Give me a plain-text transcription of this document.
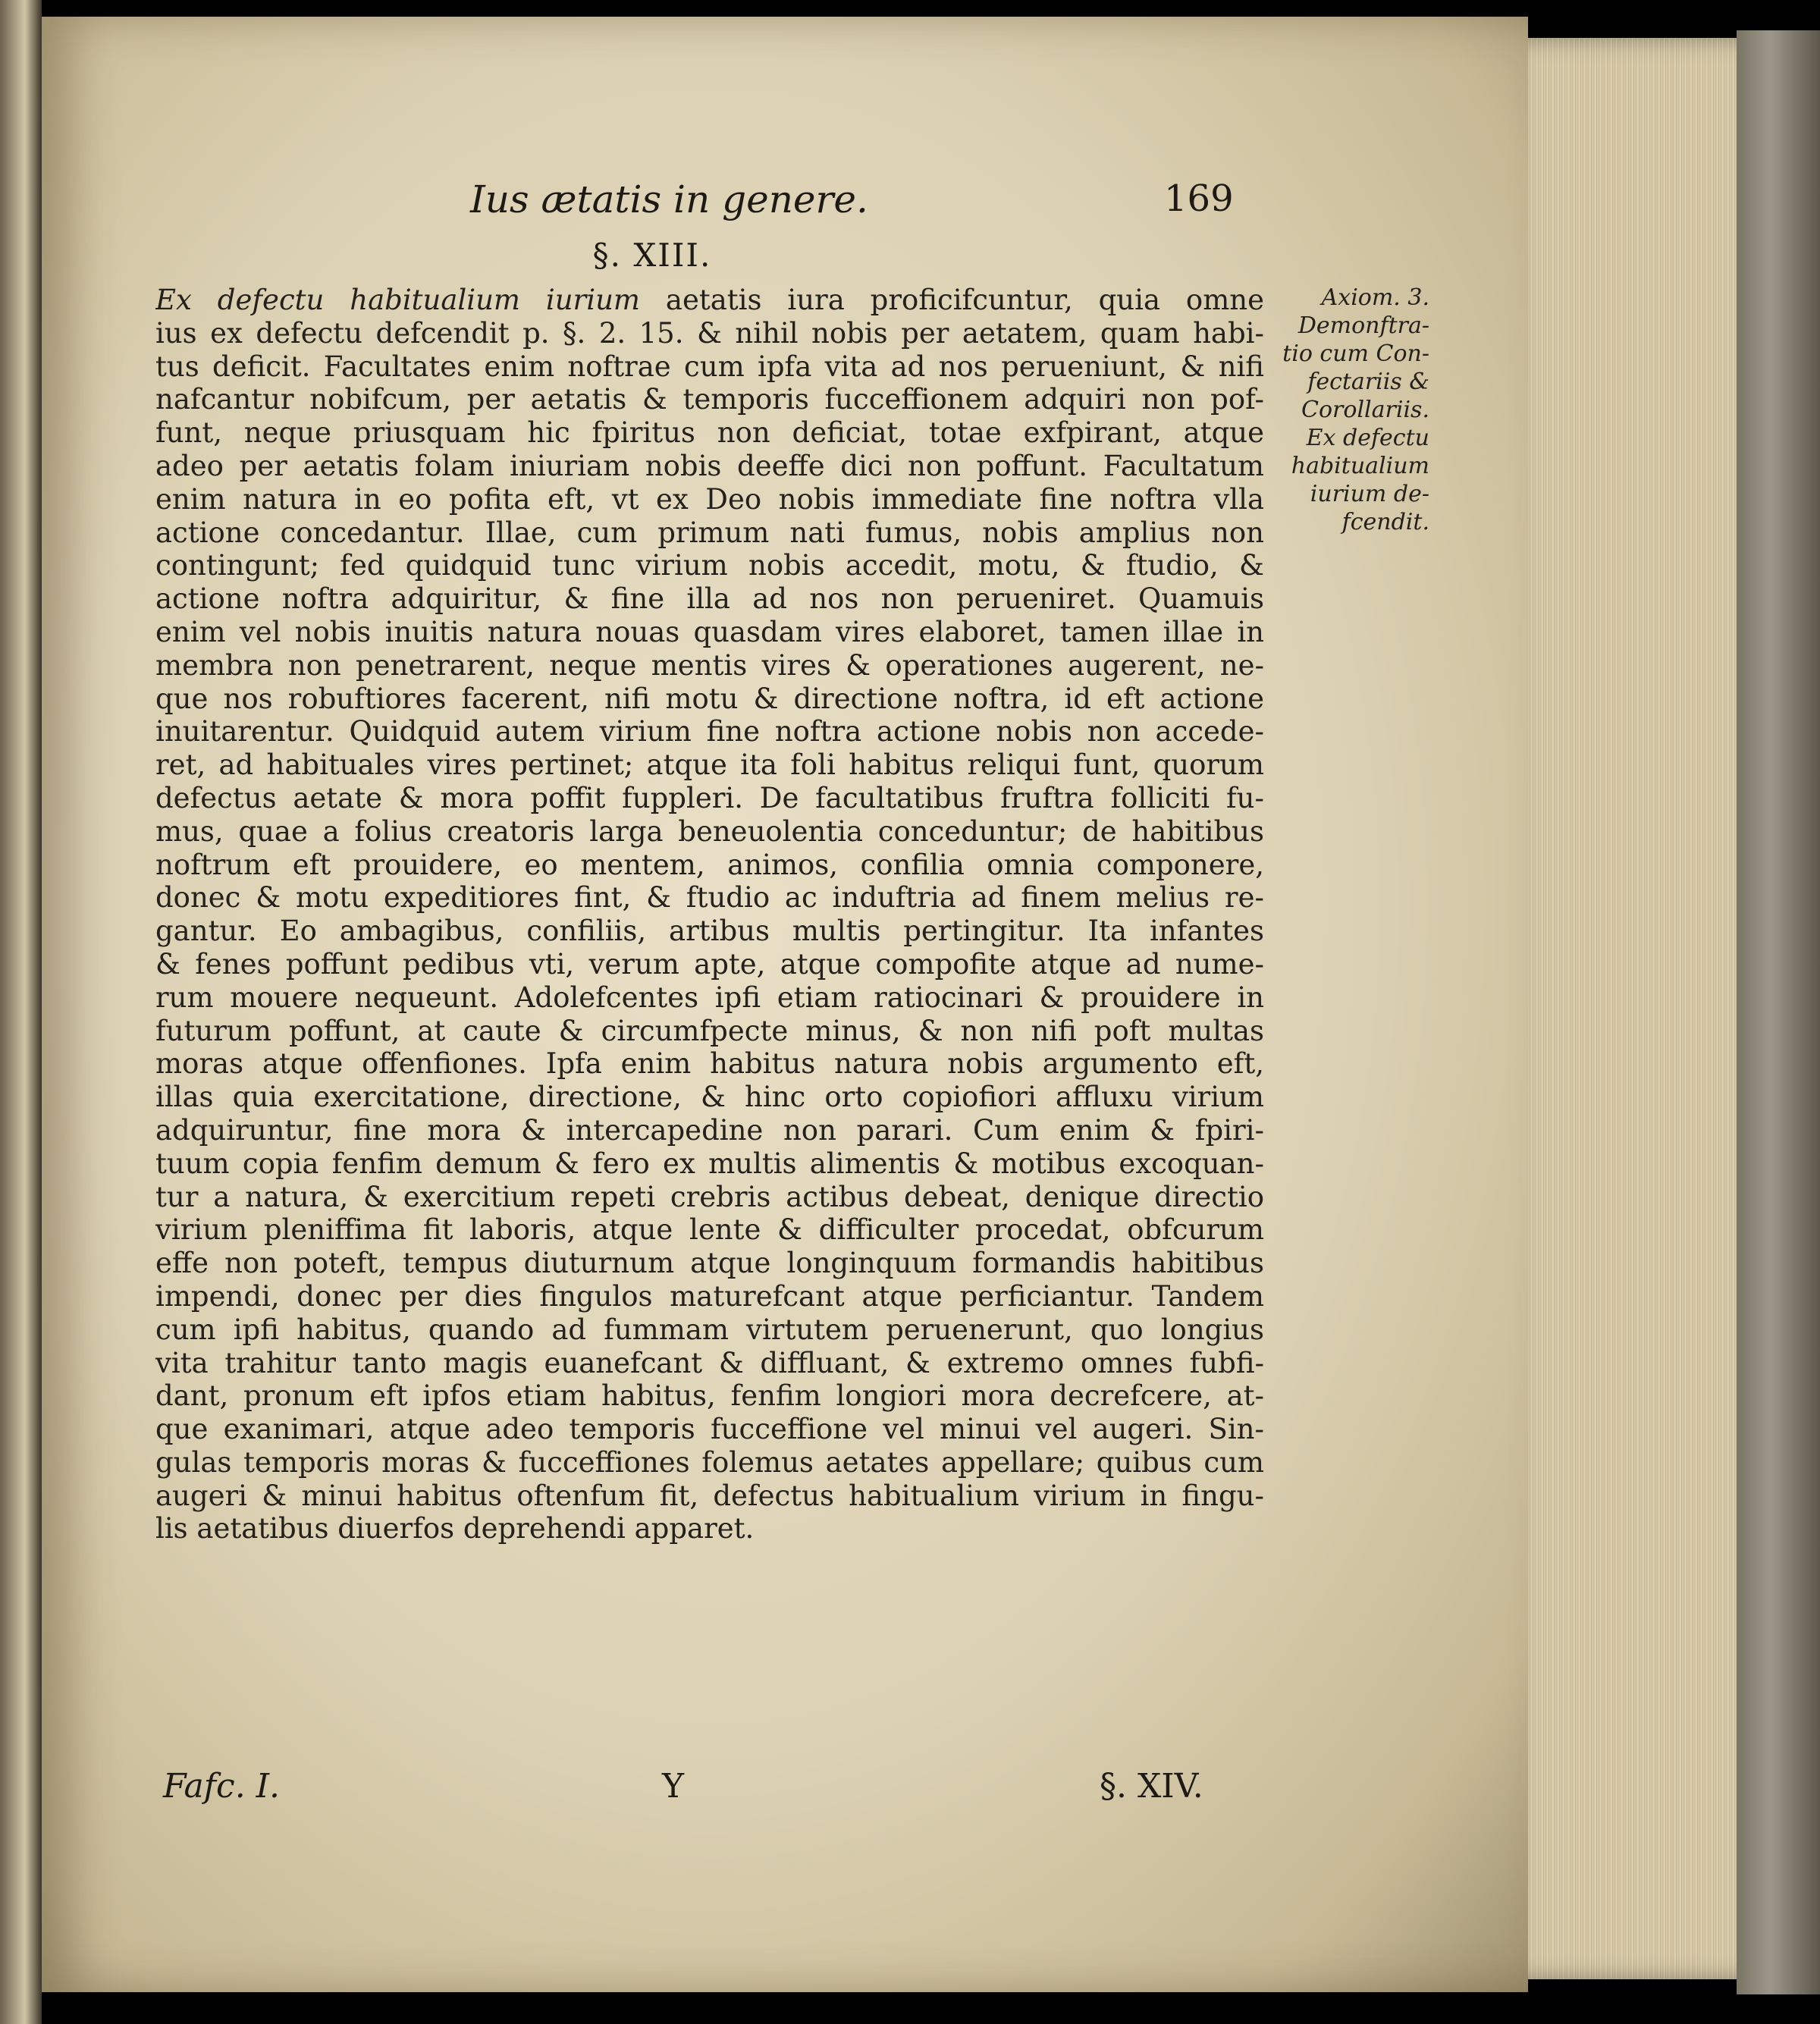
Ius ætatis in genere.	169
§. XIII.
Ex defectu habitualium iurium aetatis iura proficifcuntur, quia omne
ius ex defectu defcendit p. §. 2. 15. & nihil nobis per aetatem, quam habi-
tus deficit. Facultates enim noftrae cum ipfa vita ad nos perueniunt, & nifi
nafcantur nobifcum, per aetatis & temporis fucceffionem adquiri non pof-
funt, neque priusquam hic fpiritus non deficiat, totae exfpirant, atque
adeo per aetatis folam iniuriam nobis deeffe dici non poffunt. Facultatum
enim natura in eo pofita eft, vt ex Deo nobis immediate fine noftra vlla
actione concedantur. Illae, cum primum nati fumus, nobis amplius non
contingunt; fed quidquid tunc virium nobis accedit, motu, & ftudio, &
actione noftra adquiritur, & fine illa ad nos non perueniret. Quamuis
enim vel nobis inuitis natura nouas quasdam vires elaboret, tamen illae in
membra non penetrarent, neque mentis vires & operationes augerent, ne-
que nos robuftiores facerent, nifi motu & directione noftra, id eft actione
inuitarentur. Quidquid autem virium fine noftra actione nobis non accede-
ret, ad habituales vires pertinet; atque ita foli habitus reliqui funt, quorum
defectus aetate & mora poffit fuppleri. De facultatibus fruftra folliciti fu-
mus, quae a folius creatoris larga beneuolentia conceduntur; de habitibus
noftrum eft prouidere, eo mentem, animos, confilia omnia componere,
donec & motu expeditiores fint, & ftudio ac induftria ad finem melius re-
gantur. Eo ambagibus, confiliis, artibus multis pertingitur. Ita infantes
& fenes poffunt pedibus vti, verum apte, atque compofite atque ad nume-
rum mouere nequeunt. Adolefcentes ipfi etiam ratiocinari & prouidere in
futurum poffunt, at caute & circumfpecte minus, & non nifi poft multas
moras atque offenfiones. Ipfa enim habitus natura nobis argumento eft,
illas quia exercitatione, directione, & hinc orto copiofiori affluxu virium
adquiruntur, fine mora & intercapedine non parari. Cum enim & fpiri-
tuum copia fenfim demum & fero ex multis alimentis & motibus excoquan-
tur a natura, & exercitium repeti crebris actibus debeat, denique directio
virium pleniffima fit laboris, atque lente & difficulter procedat, obfcurum
effe non poteft, tempus diuturnum atque longinquum formandis habitibus
impendi, donec per dies fingulos maturefcant atque perficiantur. Tandem
cum ipfi habitus, quando ad fummam virtutem peruenerunt, quo longius
vita trahitur tanto magis euanefcant & diffluant, & extremo omnes fubfi-
dant, pronum eft ipfos etiam habitus, fenfim longiori mora decrefcere, at-
que exanimari, atque adeo temporis fucceffione vel minui vel augeri. Sin-
gulas temporis moras & fucceffiones folemus aetates appellare; quibus cum
augeri & minui habitus oftenfum fit, defectus habitualium virium in fingu-
lis aetatibus diuerfos deprehendi apparet.
Axiom. 3.
Demonftra-
tio cum Con-
fectariis &
Corollariis.
Ex defectu
habitualium
iurium de-
fcendit.
Fafc. I.	Y	§. XIV.
